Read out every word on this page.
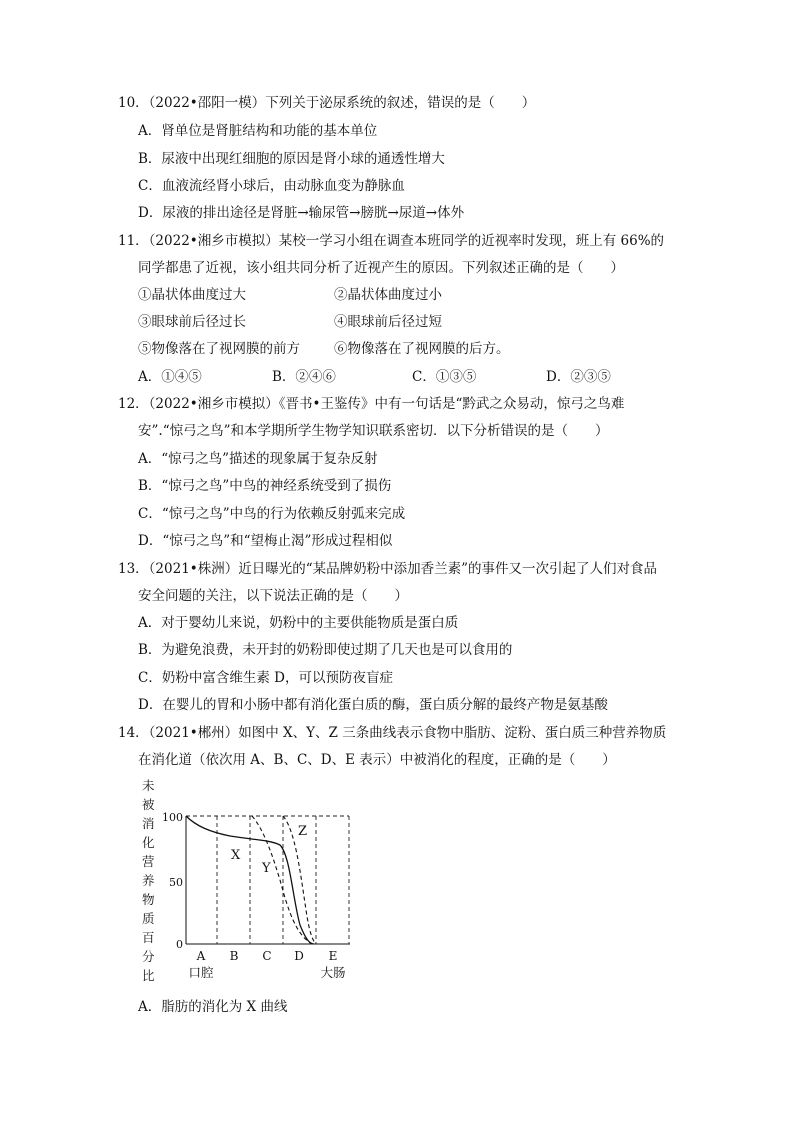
10．（2022•邵阳一模）下列关于泌尿系统的叙述，错误的是（　　）
A．肾单位是肾脏结构和功能的基本单位
B．尿液中出现红细胞的原因是肾小球的通透性增大
C．血液流经肾小球后，由动脉血变为静脉血
D．尿液的排出途径是肾脏→输尿管→膀胱→尿道→体外
11．（2022•湘乡市模拟）某校一学习小组在调查本班同学的近视率时发现，班上有 66%的
同学都患了近视，该小组共同分析了近视产生的原因。下列叙述正确的是（　　）
①晶状体曲度过大	②晶状体曲度过小
③眼球前后径过长	④眼球前后径过短
⑤物像落在了视网膜的前方	⑥物像落在了视网膜的后方。
A．①④⑤	B．②④⑥	C．①③⑤	D．②③⑤
12．（2022•湘乡市模拟）《晋书•王鉴传》中有一句话是“黔武之众易动，惊弓之鸟难
安”.“惊弓之鸟”和本学期所学生物学知识联系密切．以下分析错误的是（　　）
A．“惊弓之鸟”描述的现象属于复杂反射
B．“惊弓之鸟”中鸟的神经系统受到了损伤
C．“惊弓之鸟”中鸟的行为依赖反射弧来完成
D．“惊弓之鸟”和“望梅止渴”形成过程相似
13．（2021•株洲）近日曝光的“某品牌奶粉中添加香兰素”的事件又一次引起了人们对食品
安全问题的关注，以下说法正确的是（　　）
A．对于婴幼儿来说，奶粉中的主要供能物质是蛋白质
B．为避免浪费，未开封的奶粉即使过期了几天也是可以食用的
C．奶粉中富含维生素 D，可以预防夜盲症
D．在婴儿的胃和小肠中都有消化蛋白质的酶，蛋白质分解的最终产物是氨基酸
14．（2021•郴州）如图中 X、Y、Z 三条曲线表示食物中脂肪、淀粉、蛋白质三种营养物质
在消化道（依次用 A、B、C、D、E 表示）中被消化的程度，正确的是（　　）
未
被
消
化
营
养
物
质
百
分
比
100
50
0
X
Y
Z
A B C D E
口腔	大肠
A．脂肪的消化为 X 曲线
